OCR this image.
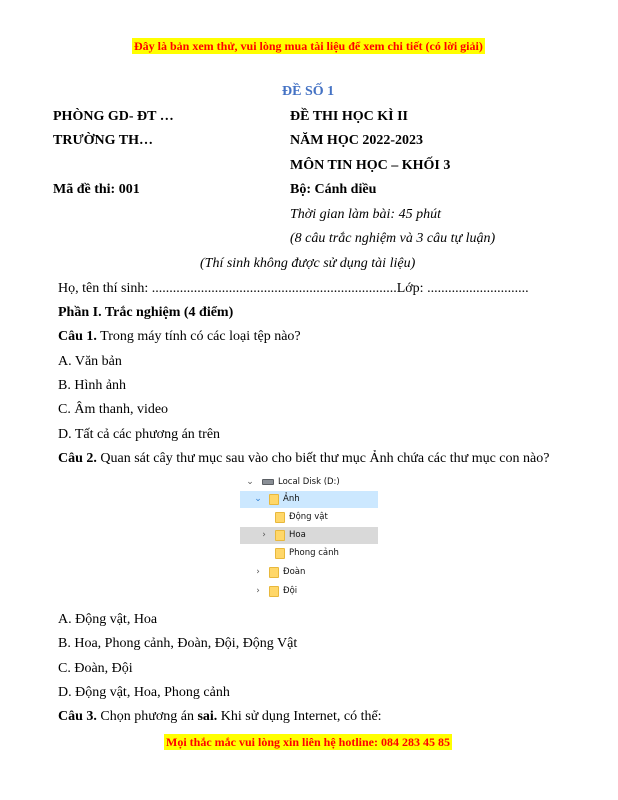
Đây là bản xem thử, vui lòng mua tài liệu để xem chi tiết (có lời giải)
ĐỀ SỐ 1
PHÒNG GD- ĐT …
TRƯỜNG TH…
Mã đề thi: 001
ĐỀ THI HỌC KÌ II
NĂM HỌC 2022-2023
MÔN TIN HỌC – KHỐI 3
Bộ: Cánh diều
Thời gian làm bài: 45 phút
(8 câu trắc nghiệm và 3 câu tự luận)
(Thí sinh không được sử dụng tài liệu)
Họ, tên thí sinh: ......................................................................Lớp: .............................
Phần I. Trắc nghiệm (4 điểm)
Câu 1. Trong máy tính có các loại tệp nào?
A. Văn bản
B. Hình ảnh
C. Âm thanh, video
D. Tất cả các phương án trên
Câu 2. Quan sát cây thư mục sau vào cho biết thư mục Ảnh chứa các thư mục con nào?
⌄	Local Disk (D:)
⌄ Ảnh
Động vật
›	Hoa
Phong cảnh
›	Đoàn
›	Đội
A. Động vật, Hoa
B. Hoa, Phong cảnh, Đoàn, Đội, Động Vật
C. Đoàn, Đội
D. Động vật, Hoa, Phong cảnh
Câu 3. Chọn phương án sai. Khi sử dụng Internet, có thể:
Mọi thắc mắc vui lòng xin liên hệ hotline: 084 283 45 85
